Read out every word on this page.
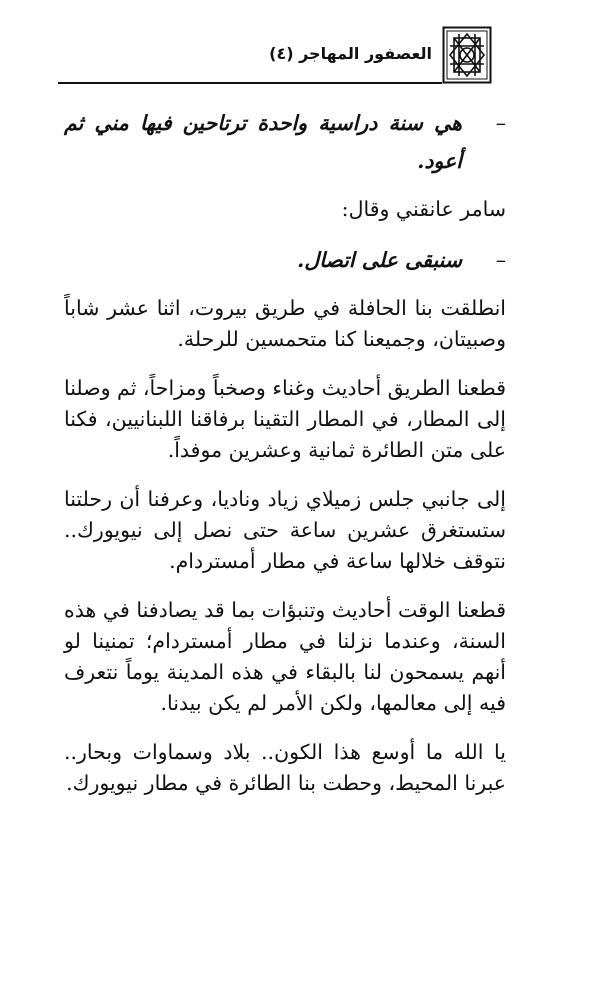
العصفور المهاجر (٤)

–
هي سنة دراسية واحدة ترتاحين فيها مني ثم أعود.

سامر عانقني وقال:

–
سنبقى على اتصال.

انطلقت بنا الحافلة في طريق بيروت، اثنا عشر شاباً وصبيتان، وجميعنا كنا متحمسين للرحلة.

قطعنا الطريق أحاديث وغناء وصخباً ومزاحاً، ثم وصلنا إلى المطار، في المطار التقينا برفاقنا اللبنانيين، فكنا على متن الطائرة ثمانية وعشرين موفداً.

إلى جانبي جلس زميلاي زياد ونادیا، وعرفنا أن رحلتنا ستستغرق عشرين ساعة حتى نصل إلى نيويورك.. نتوقف خلالها ساعة في مطار أمستردام.

قطعنا الوقت أحاديث وتنبؤات بما قد يصادفنا في هذه السنة، وعندما نزلنا في مطار أمستردام؛ تمنينا لو أنهم يسمحون لنا بالبقاء في هذه المدينة يوماً نتعرف فيه إلى معالمها، ولكن الأمر لم يكن بيدنا.

يا الله ما أوسع هذا الكون.. بلاد وسماوات وبحار.. عبرنا المحيط، وحطت بنا الطائرة في مطار نيويورك.
